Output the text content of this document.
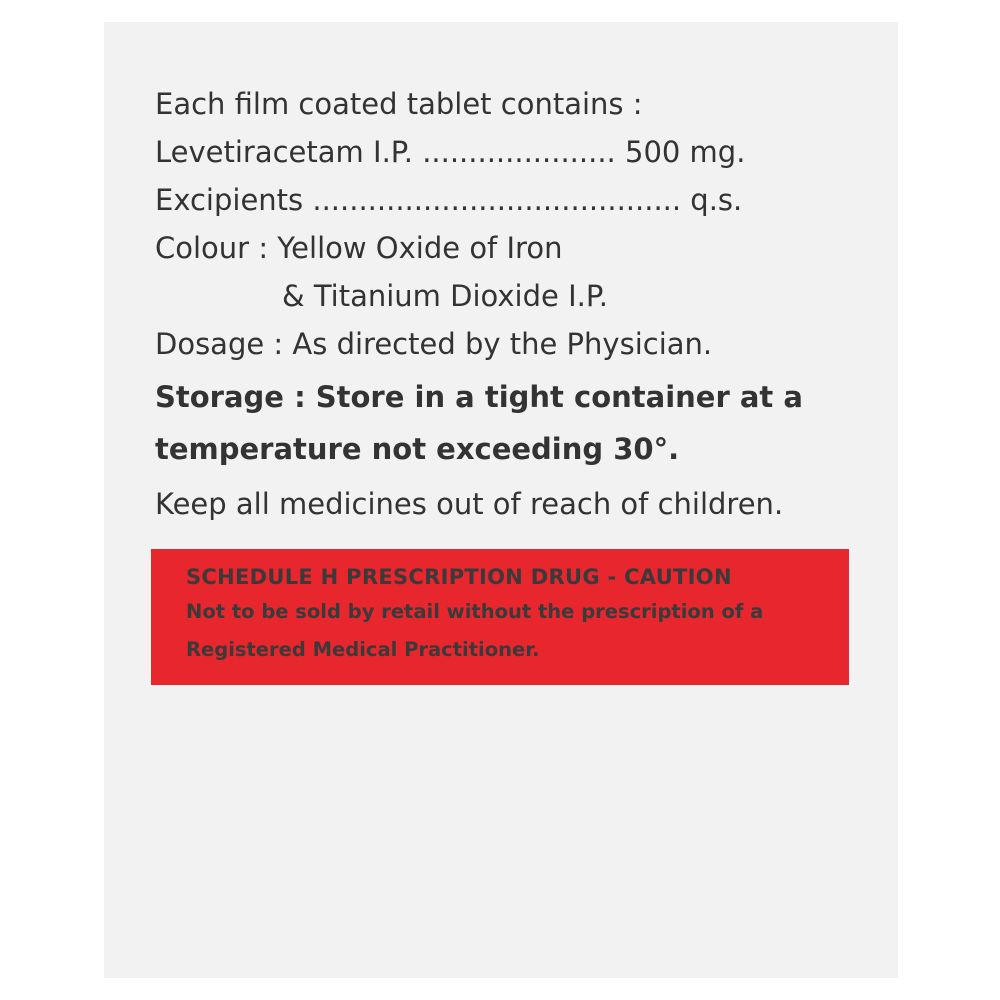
Each film coated tablet contains :
Levetiracetam I.P. ..................... 500 mg.
Excipients ........................................ q.s.
Colour : Yellow Oxide of Iron
& Titanium Dioxide I.P.
Dosage : As directed by the Physician.
Storage : Store in a tight container at a
temperature not exceeding 30°.
Keep all medicines out of reach of children.
SCHEDULE H PRESCRIPTION DRUG - CAUTION
Not to be sold by retail without the prescription of a
Registered Medical Practitioner.
